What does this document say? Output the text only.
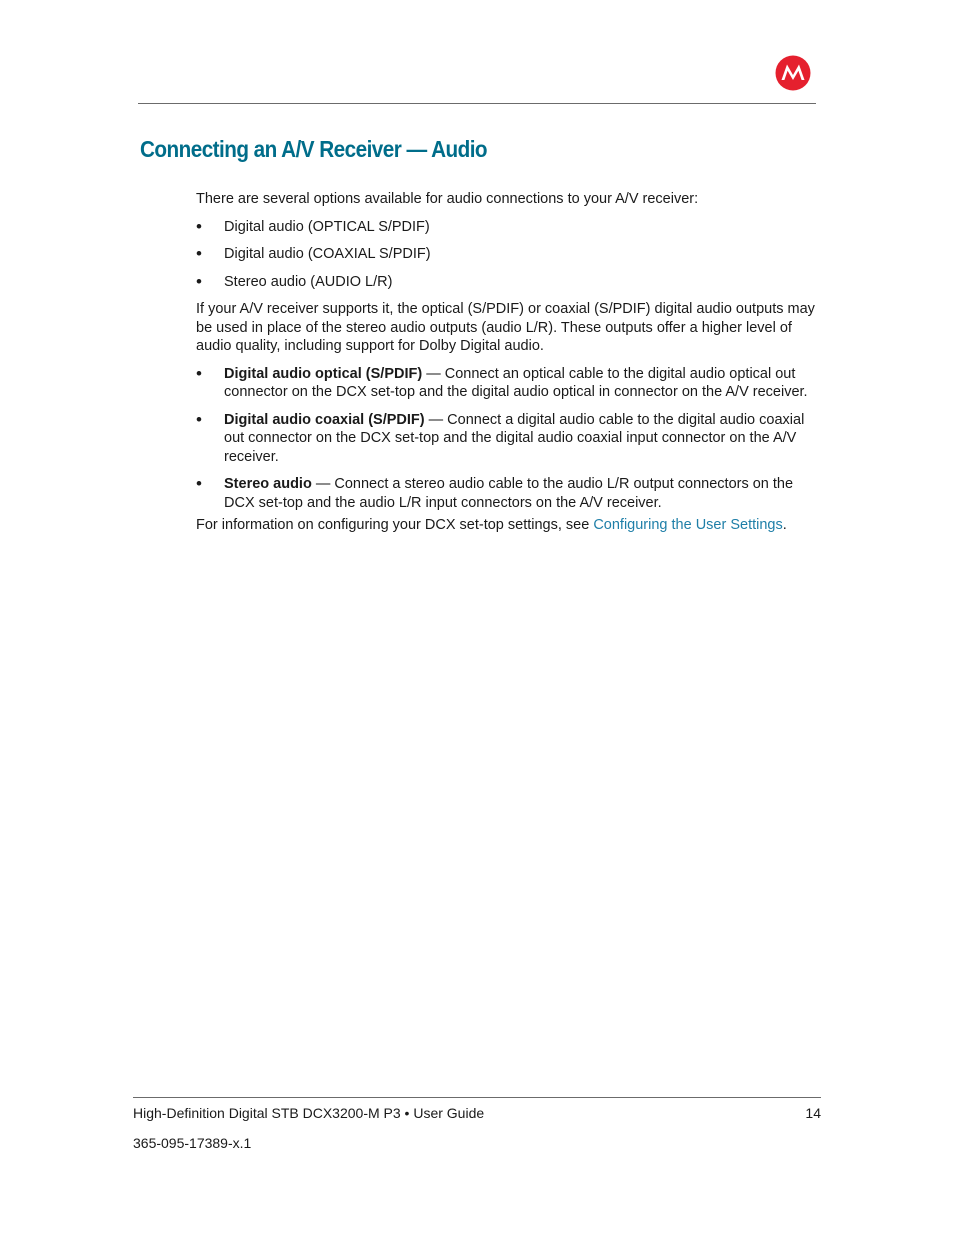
Connecting an A/V Receiver — Audio

There are several options available for audio connections to your A/V receiver:

• Digital audio (OPTICAL S/PDIF)
• Digital audio (COAXIAL S/PDIF)
• Stereo audio (AUDIO L/R)

If your A/V receiver supports it, the optical (S/PDIF) or coaxial (S/PDIF) digital audio outputs may be used in place of the stereo audio outputs (audio L/R). These outputs offer a higher level of audio quality, including support for Dolby Digital audio.

• Digital audio optical (S/PDIF) — Connect an optical cable to the digital audio optical out connector on the DCX set-top and the digital audio optical in connector on the A/V receiver.
• Digital audio coaxial (S/PDIF) — Connect a digital audio cable to the digital audio coaxial out connector on the DCX set-top and the digital audio coaxial input connector on the A/V receiver.
• Stereo audio — Connect a stereo audio cable to the audio L/R output connectors on the DCX set-top and the audio L/R input connectors on the A/V receiver.

For information on configuring your DCX set-top settings, see Configuring the User Settings.

High-Definition Digital STB DCX3200-M P3 • User Guide	14
365-095-17389-x.1
